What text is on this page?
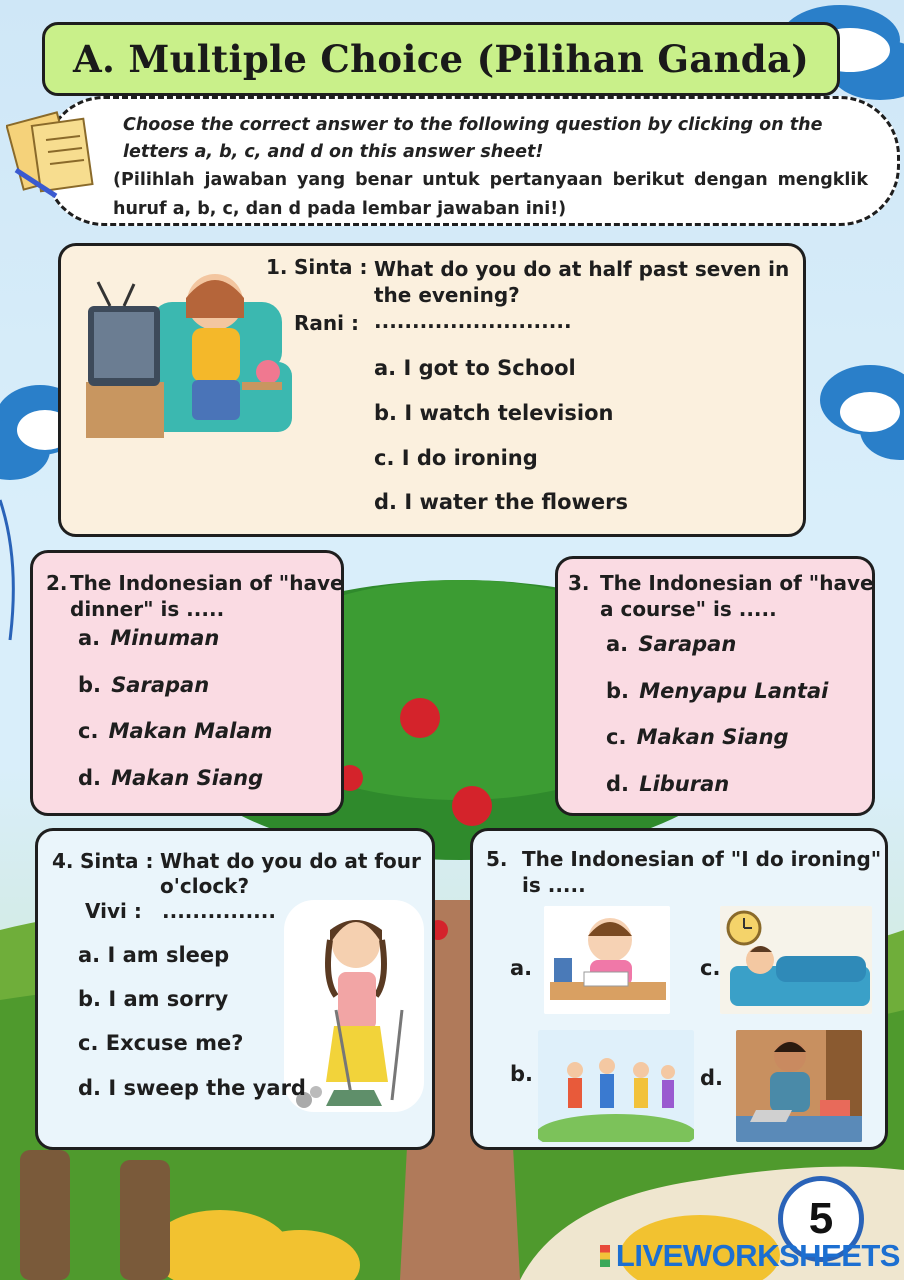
A. Multiple Choice (Pilihan Ganda)
Choose the correct answer to the following question by clicking on the letters a, b, c, and d on this answer sheet!
(Pilihlah jawaban yang benar untuk pertanyaan berikut dengan mengklik huruf a, b, c, dan d pada lembar jawaban ini!)
1. Sinta : What do you do at half past seven in
the evening?
Rani : ..........................
a. I got to School
b. I watch television
c. I do ironing
d. I water the flowers
2. The Indonesian of "have
dinner" is .....
a. Minuman
b. Sarapan
c. Makan Malam
d. Makan Siang
3. The Indonesian of "have
a course" is .....
a. Sarapan
b. Menyapu Lantai
c. Makan Siang
d. Liburan
4. Sinta : What do you do at four
o'clock?
Vivi : ...............
a. I am sleep
b. I am sorry
c. Excuse me?
d. I sweep the yard
5. The Indonesian of "I do ironing"
is .....
a.	c.
b.	d.
5
LIVEWORKSHEETS
